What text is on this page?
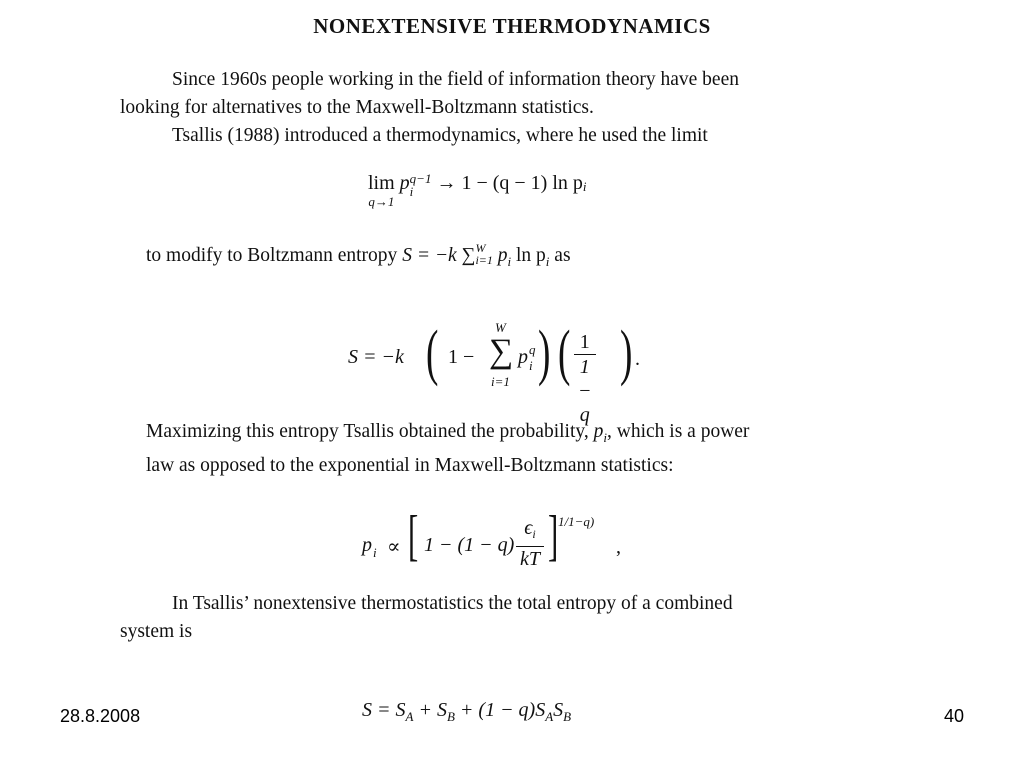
NONEXTENSIVE THERMODYNAMICS
Since 1960s people working in the field of information theory have been
looking for alternatives to the Maxwell-Boltzmann statistics.
Tsallis (1988) introduced a thermodynamics, where he used the limit
lim
$^{q\to 1}$ pq−1
i → 1 − (q − 1) ln pi
to modify to Boltzmann entropy S = −k ∑W
i=1 $p_i$ $\ln p_i$ as
S = −k ( 1 −
W
∑
i=1
p q
i ) ( $\frac{1}{1 - q}$ ) .
Maximizing this entropy Tsallis obtained the probability, $p_i$, which is a power
law as opposed to the exponential in Maxwell-Boltzmann statistics:
p i ∝ [ $1 - (1 - q) \frac{\epsilon_i}{kT}$ ] 1/1−q)
,
In Tsallis’ nonextensive thermostatistics the total entropy of a combined
system is
$S = S_A + S_B + (1 - q)S_AS_B$
28.8.2008	40
